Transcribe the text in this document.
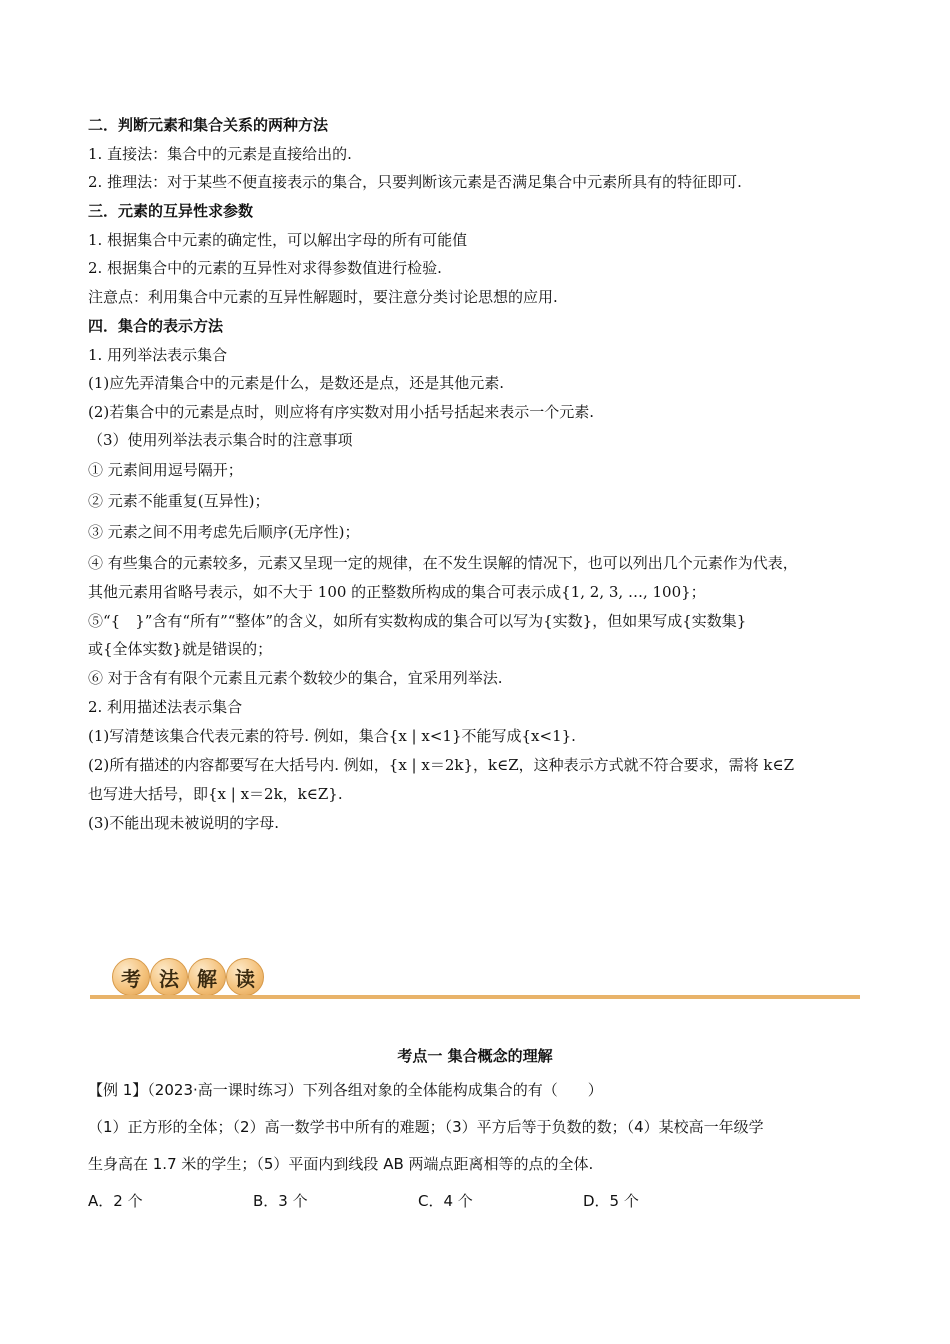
二．判断元素和集合关系的两种方法
1. 直接法：集合中的元素是直接给出的.
2. 推理法：对于某些不便直接表示的集合，只要判断该元素是否满足集合中元素所具有的特征即可.
三．元素的互异性求参数
1. 根据集合中元素的确定性，可以解出字母的所有可能值
2. 根据集合中的元素的互异性对求得参数值进行检验.
注意点：利用集合中元素的互异性解题时，要注意分类讨论思想的应用.
四．集合的表示方法
1. 用列举法表示集合
(1)应先弄清集合中的元素是什么，是数还是点，还是其他元素.
(2)若集合中的元素是点时，则应将有序实数对用小括号括起来表示一个元素.
（3）使用列举法表示集合时的注意事项
① 元素间用逗号隔开；
② 元素不能重复(互异性)；
③ 元素之间不用考虑先后顺序(无序性)；
④ 有些集合的元素较多，元素又呈现一定的规律，在不发生误解的情况下，也可以列出几个元素作为代表，
其他元素用省略号表示，如不大于 100 的正整数所构成的集合可表示成{1, 2, 3, …, 100}；
⑤“{　}”含有“所有”“整体”的含义，如所有实数构成的集合可以写为{实数}，但如果写成{实数集}
或{全体实数}就是错误的；
⑥ 对于含有有限个元素且元素个数较少的集合，宜采用列举法.
2. 利用描述法表示集合
(1)写清楚该集合代表元素的符号. 例如，集合{x | x<1}不能写成{x<1}.
(2)所有描述的内容都要写在大括号内. 例如，{x | x＝2k}，k∈Z，这种表示方式就不符合要求，需将 k∈Z
也写进大括号，即{x | x＝2k，k∈Z}.
(3)不能出现未被说明的字母.
考 法 解 读
考点一 集合概念的理解
【例 1】（2023·高一课时练习）下列各组对象的全体能构成集合的有（　　）
（1）正方形的全体；（2）高一数学书中所有的难题；（3）平方后等于负数的数；（4）某校高一年级学
生身高在 1.7 米的学生；（5）平面内到线段 AB 两端点距离相等的点的全体.
A．2 个	B．3 个	C．4 个	D．5 个
